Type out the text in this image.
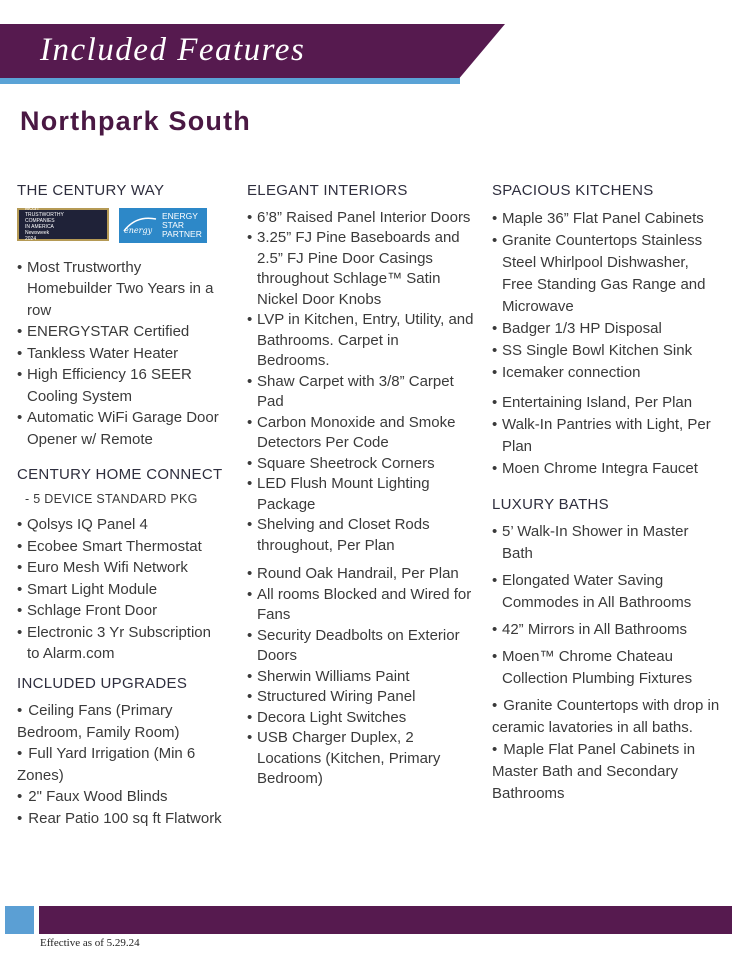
Included Features
Northpark South
THE CENTURY WAY
MOST
TRUSTWORTHY
COMPANIES
IN AMERICA
Newsweek
2024
energy
ENERGY
STAR
PARTNER
• Most Trustworthy Homebuilder Two Years in a row
• ENERGYSTAR Certified
• Tankless Water Heater
• High Efficiency 16 SEER Cooling System
• Automatic WiFi Garage Door Opener w/ Remote
CENTURY HOME CONNECT
- 5 DEVICE STANDARD PKG
• Qolsys IQ Panel 4
• Ecobee Smart Thermostat
• Euro Mesh Wifi Network
• Smart Light Module
• Schlage Front Door
• Electronic 3 Yr Subscription to Alarm.com
INCLUDED UPGRADES
• Ceiling Fans (Primary Bedroom, Family Room)
• Full Yard Irrigation (Min 6 Zones)
• 2" Faux Wood Blinds
• Rear Patio 100 sq ft Flatwork
ELEGANT INTERIORS
• 6’8” Raised Panel Interior Doors
• 3.25” FJ Pine Baseboards and 2.5” FJ Pine Door Casings throughout Schlage™ Satin Nickel Door Knobs
• LVP in Kitchen, Entry, Utility, and Bathrooms. Carpet in Bedrooms.
• Shaw Carpet with 3/8” Carpet Pad
• Carbon Monoxide and Smoke Detectors Per Code
• Square Sheetrock Corners
• LED Flush Mount Lighting Package
• Shelving and Closet Rods throughout, Per Plan
• Round Oak Handrail, Per Plan
• All rooms Blocked and Wired for Fans
• Security Deadbolts on Exterior Doors
• Sherwin Williams Paint
• Structured Wiring Panel
• Decora Light Switches
• USB Charger Duplex, 2 Locations (Kitchen, Primary Bedroom)
SPACIOUS KITCHENS
• Maple 36” Flat Panel Cabinets
• Granite Countertops Stainless Steel Whirlpool Dishwasher, Free Standing Gas Range and Microwave
• Badger 1/3 HP Disposal
• SS Single Bowl Kitchen Sink
• Icemaker connection
• Entertaining Island, Per Plan
• Walk-In Pantries with Light, Per Plan
• Moen Chrome Integra Faucet
LUXURY BATHS
• 5’ Walk-In Shower in Master Bath
• Elongated Water Saving Commodes in All Bathrooms
• 42” Mirrors in All Bathrooms
• Moen™ Chrome Chateau Collection Plumbing Fixtures
• Granite Countertops with drop in ceramic lavatories in all baths.
• Maple Flat Panel Cabinets in Master Bath and Secondary Bathrooms
Effective as of 5.29.24
